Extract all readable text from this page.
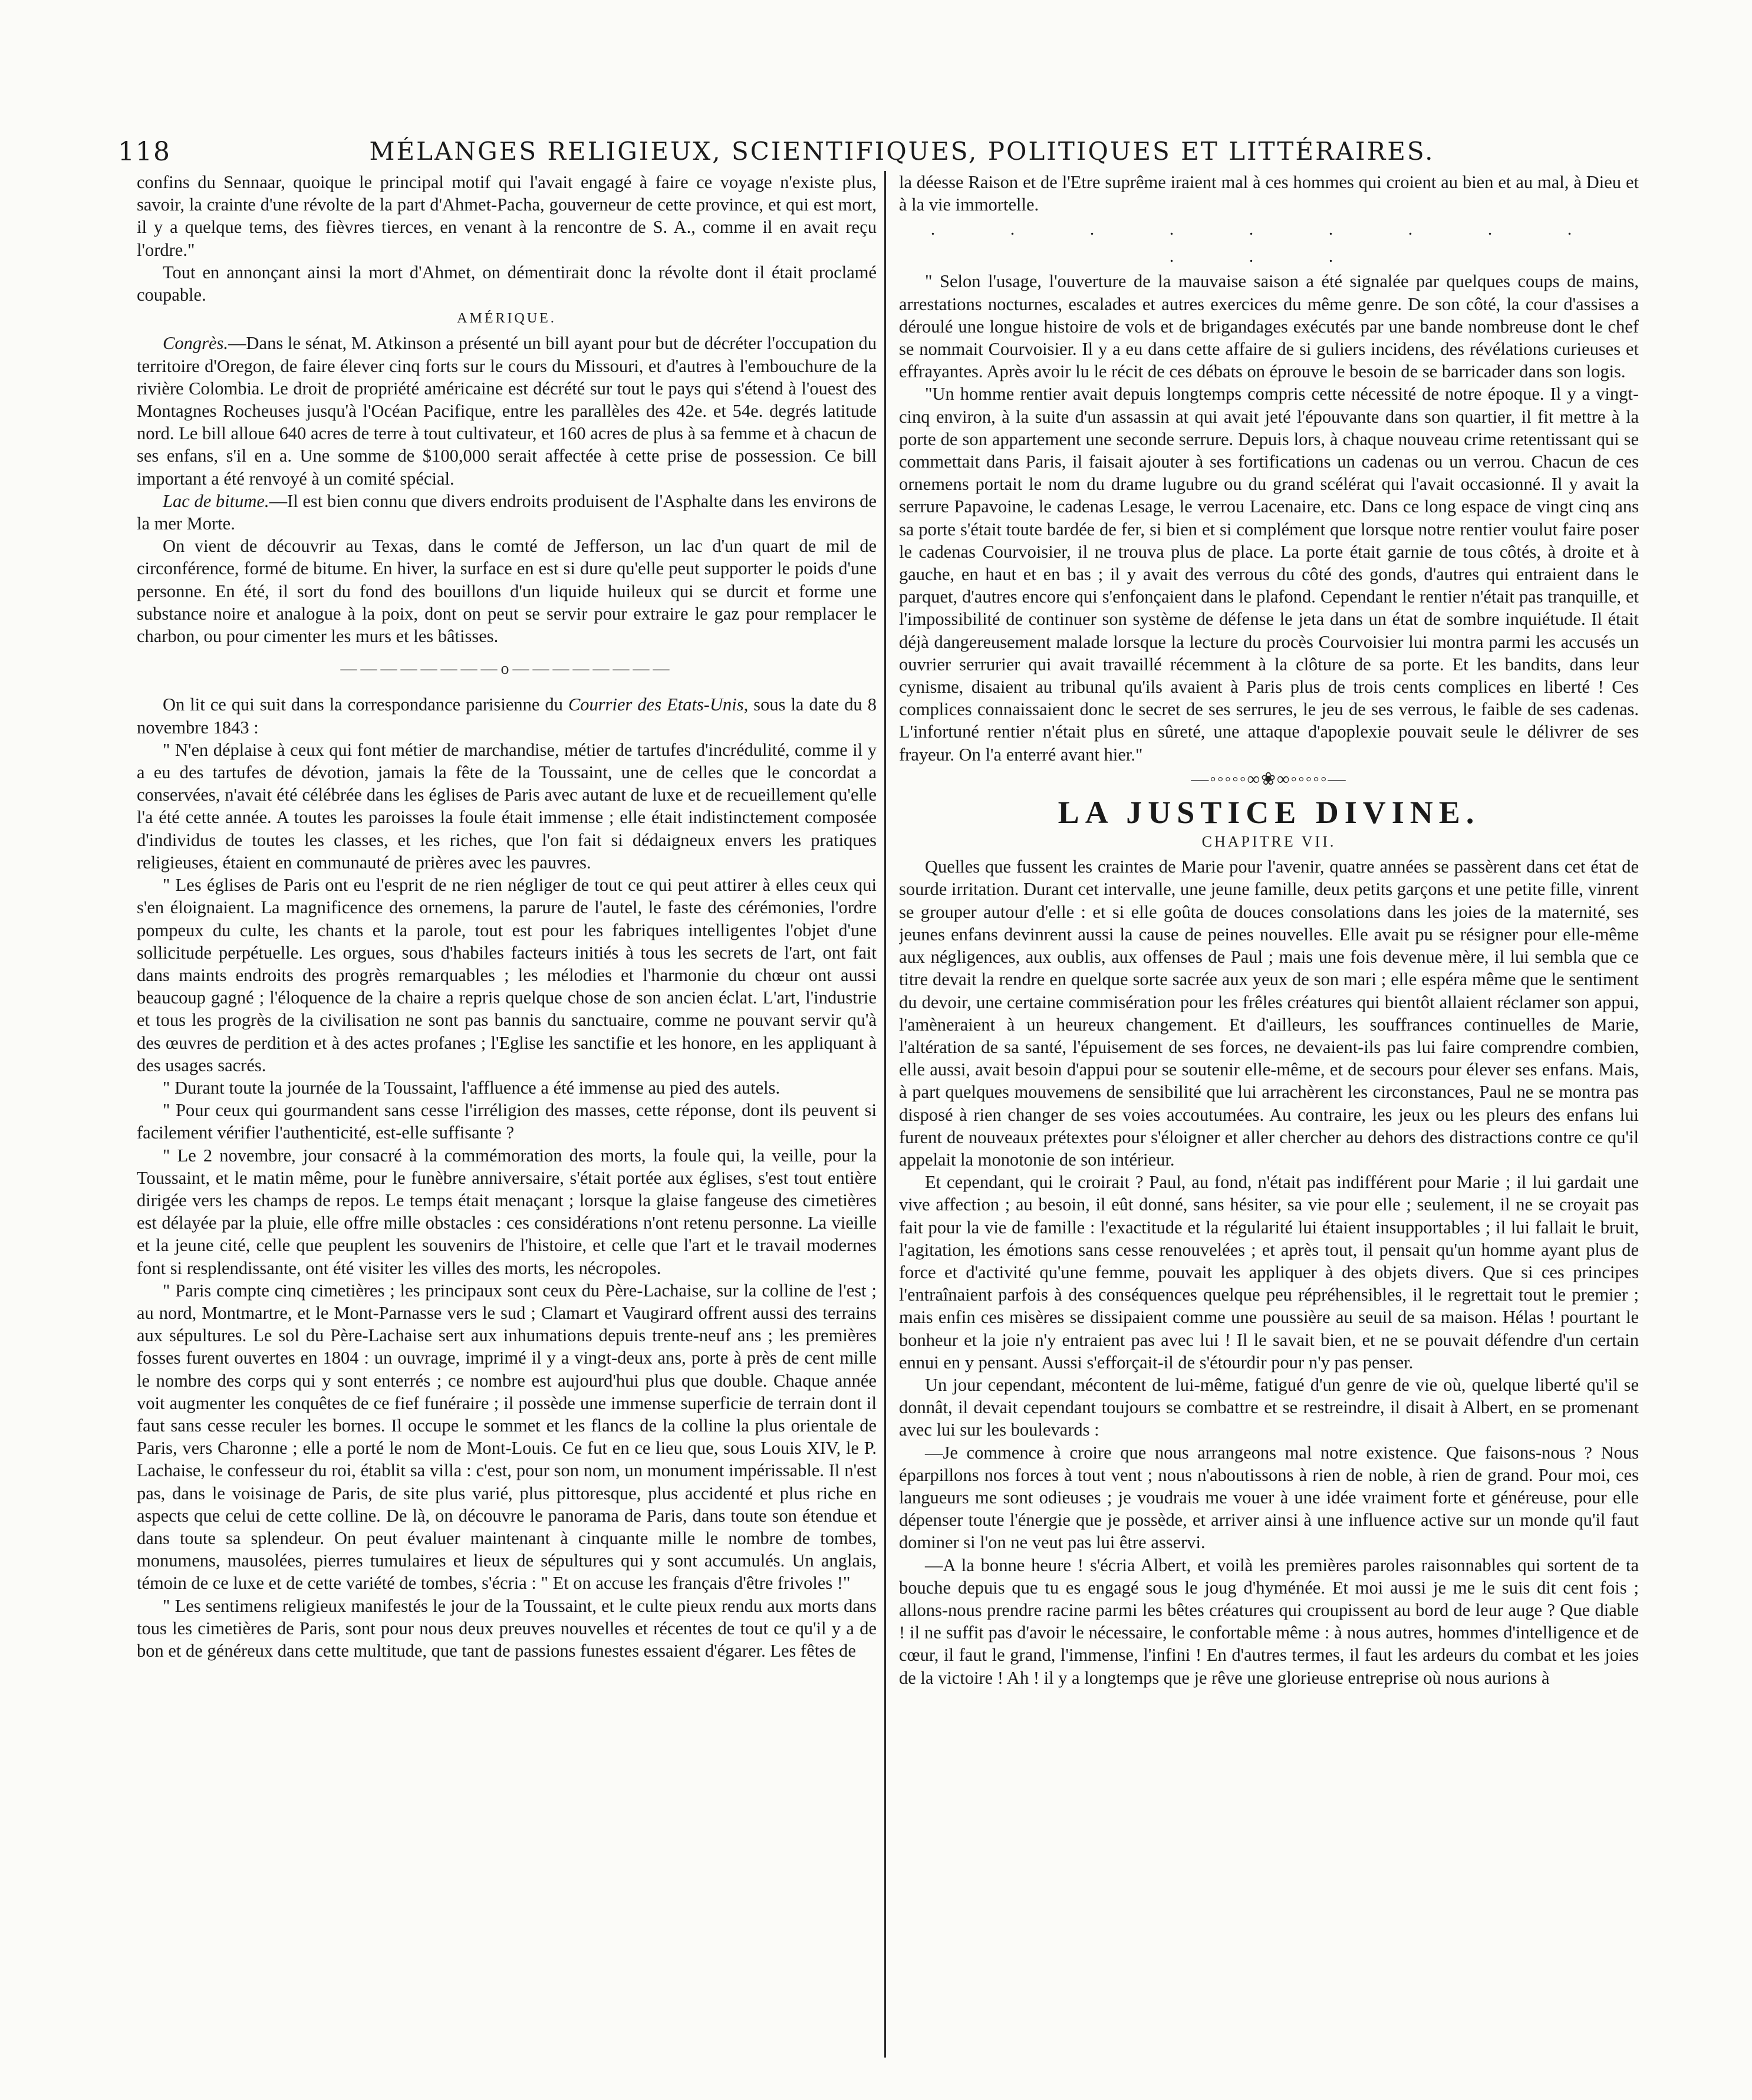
118	MÉLANGES RELIGIEUX, SCIENTIFIQUES, POLITIQUES ET LITTÉRAIRES.

confins du Sennaar, quoique le principal motif qui l'avait engagé à faire ce voyage n'existe plus, savoir, la crainte d'une révolte de la part d'Ahmet-Pacha, gouverneur de cette province, et qui est mort, il y a quelque tems, des fièvres tierces, en venant à la rencontre de S. A., comme il en avait reçu l'ordre."

Tout en annonçant ainsi la mort d'Ahmet, on démentirait donc la révolte dont il était proclamé coupable.

AMÉRIQUE.

Congrès.—Dans le sénat, M. Atkinson a présenté un bill ayant pour but de décréter l'occupation du territoire d'Oregon, de faire élever cinq forts sur le cours du Missouri, et d'autres à l'embouchure de la rivière Colombia. Le droit de propriété américaine est décrété sur tout le pays qui s'étend à l'ouest des Montagnes Rocheuses jusqu'à l'Océan Pacifique, entre les parallèles des 42e. et 54e. degrés latitude nord. Le bill alloue 640 acres de terre à tout cultivateur, et 160 acres de plus à sa femme et à chacun de ses enfans, s'il en a. Une somme de $100,000 serait affectée à cette prise de possession. Ce bill important a été renvoyé à un comité spécial.

Lac de bitume.—Il est bien connu que divers endroits produisent de l'Asphalte dans les environs de la mer Morte.

On vient de découvrir au Texas, dans le comté de Jefferson, un lac d'un quart de mil de circonférence, formé de bitume. En hiver, la surface en est si dure qu'elle peut supporter le poids d'une personne. En été, il sort du fond des bouillons d'un liquide huileux qui se durcit et forme une substance noire et analogue à la poix, dont on peut se servir pour extraire le gaz pour remplacer le charbon, ou pour cimenter les murs et les bâtisses.

————————o————————

On lit ce qui suit dans la correspondance parisienne du Courrier des Etats-Unis, sous la date du 8 novembre 1843 :

" N'en déplaise à ceux qui font métier de marchandise, métier de tartufes d'incrédulité, comme il y a eu des tartufes de dévotion, jamais la fête de la Toussaint, une de celles que le concordat a conservées, n'avait été célébrée dans les églises de Paris avec autant de luxe et de recueillement qu'elle l'a été cette année. A toutes les paroisses la foule était immense ; elle était indistinctement composée d'individus de toutes les classes, et les riches, que l'on fait si dédaigneux envers les pratiques religieuses, étaient en communauté de prières avec les pauvres.

" Les églises de Paris ont eu l'esprit de ne rien négliger de tout ce qui peut attirer à elles ceux qui s'en éloignaient. La magnificence des ornemens, la parure de l'autel, le faste des cérémonies, l'ordre pompeux du culte, les chants et la parole, tout est pour les fabriques intelligentes l'objet d'une sollicitude perpétuelle. Les orgues, sous d'habiles facteurs initiés à tous les secrets de l'art, ont fait dans maints endroits des progrès remarquables ; les mélodies et l'harmonie du chœur ont aussi beaucoup gagné ; l'éloquence de la chaire a repris quelque chose de son ancien éclat. L'art, l'industrie et tous les progrès de la civilisation ne sont pas bannis du sanctuaire, comme ne pouvant servir qu'à des œuvres de perdition et à des actes profanes ; l'Eglise les sanctifie et les honore, en les appliquant à des usages sacrés.

" Durant toute la journée de la Toussaint, l'affluence a été immense au pied des autels.

" Pour ceux qui gourmandent sans cesse l'irréligion des masses, cette réponse, dont ils peuvent si facilement vérifier l'authenticité, est-elle suffisante ?

" Le 2 novembre, jour consacré à la commémoration des morts, la foule qui, la veille, pour la Toussaint, et le matin même, pour le funèbre anniversaire, s'était portée aux églises, s'est tout entière dirigée vers les champs de repos. Le temps était menaçant ; lorsque la glaise fangeuse des cimetières est délayée par la pluie, elle offre mille obstacles : ces considérations n'ont retenu personne. La vieille et la jeune cité, celle que peuplent les souvenirs de l'histoire, et celle que l'art et le travail modernes font si resplendissante, ont été visiter les villes des morts, les nécropoles.

" Paris compte cinq cimetières ; les principaux sont ceux du Père-Lachaise, sur la colline de l'est ; au nord, Montmartre, et le Mont-Parnasse vers le sud ; Clamart et Vaugirard offrent aussi des terrains aux sépultures. Le sol du Père-Lachaise sert aux inhumations depuis trente-neuf ans ; les premières fosses furent ouvertes en 1804 : un ouvrage, imprimé il y a vingt-deux ans, porte à près de cent mille le nombre des corps qui y sont enterrés ; ce nombre est aujourd'hui plus que double. Chaque année voit augmenter les conquêtes de ce fief funéraire ; il possède une immense superficie de terrain dont il faut sans cesse reculer les bornes. Il occupe le sommet et les flancs de la colline la plus orientale de Paris, vers Charonne ; elle a porté le nom de Mont-Louis. Ce fut en ce lieu que, sous Louis XIV, le P. Lachaise, le confesseur du roi, établit sa villa : c'est, pour son nom, un monument impérissable. Il n'est pas, dans le voisinage de Paris, de site plus varié, plus pittoresque, plus accidenté et plus riche en aspects que celui de cette colline. De là, on découvre le panorama de Paris, dans toute son étendue et dans toute sa splendeur. On peut évaluer maintenant à cinquante mille le nombre de tombes, monumens, mausolées, pierres tumulaires et lieux de sépultures qui y sont accumulés. Un anglais, témoin de ce luxe et de cette variété de tombes, s'écria : " Et on accuse les français d'être frivoles !"

" Les sentimens religieux manifestés le jour de la Toussaint, et le culte pieux rendu aux morts dans tous les cimetières de Paris, sont pour nous deux preuves nouvelles et récentes de tout ce qu'il y a de bon et de généreux dans cette multitude, que tant de passions funestes essaient d'égarer. Les fêtes de

la déesse Raison et de l'Etre suprême iraient mal à ces hommes qui croient au bien et au mal, à Dieu et à la vie immortelle.

. . . . . . . . . . . .

" Selon l'usage, l'ouverture de la mauvaise saison a été signalée par quelques coups de mains, arrestations nocturnes, escalades et autres exercices du même genre. De son côté, la cour d'assises a déroulé une longue histoire de vols et de brigandages exécutés par une bande nombreuse dont le chef se nommait Courvoisier. Il y a eu dans cette affaire de si guliers incidens, des révélations curieuses et effrayantes. Après avoir lu le récit de ces débats on éprouve le besoin de se barricader dans son logis.

"Un homme rentier avait depuis longtemps compris cette nécessité de notre époque. Il y a vingt-cinq environ, à la suite d'un assassin at qui avait jeté l'épouvante dans son quartier, il fit mettre à la porte de son appartement une seconde serrure. Depuis lors, à chaque nouveau crime retentissant qui se commettait dans Paris, il faisait ajouter à ses fortifications un cadenas ou un verrou. Chacun de ces ornemens portait le nom du drame lugubre ou du grand scélérat qui l'avait occasionné. Il y avait la serrure Papavoine, le cadenas Lesage, le verrou Lacenaire, etc. Dans ce long espace de vingt cinq ans sa porte s'était toute bardée de fer, si bien et si complément que lorsque notre rentier voulut faire poser le cadenas Courvoisier, il ne trouva plus de place. La porte était garnie de tous côtés, à droite et à gauche, en haut et en bas ; il y avait des verrous du côté des gonds, d'autres qui entraient dans le parquet, d'autres encore qui s'enfonçaient dans le plafond. Cependant le rentier n'était pas tranquille, et l'impossibilité de continuer son système de défense le jeta dans un état de sombre inquiétude. Il était déjà dangereusement malade lorsque la lecture du procès Courvoisier lui montra parmi les accusés un ouvrier serrurier qui avait travaillé récemment à la clôture de sa porte. Et les bandits, dans leur cynisme, disaient au tribunal qu'ils avaient à Paris plus de trois cents complices en liberté ! Ces complices connaissaient donc le secret de ses serrures, le jeu de ses verrous, le faible de ses cadenas. L'infortuné rentier n'était plus en sûreté, une attaque d'apoplexie pouvait seule le délivrer de ses frayeur. On l'a enterré avant hier."

—◦◦◦◦◦∞❀∞◦◦◦◦◦—
LA JUSTICE DIVINE.
CHAPITRE VII.

Quelles que fussent les craintes de Marie pour l'avenir, quatre années se passèrent dans cet état de sourde irritation. Durant cet intervalle, une jeune famille, deux petits garçons et une petite fille, vinrent se grouper autour d'elle : et si elle goûta de douces consolations dans les joies de la maternité, ses jeunes enfans devinrent aussi la cause de peines nouvelles. Elle avait pu se résigner pour elle-même aux négligences, aux oublis, aux offenses de Paul ; mais une fois devenue mère, il lui sembla que ce titre devait la rendre en quelque sorte sacrée aux yeux de son mari ; elle espéra même que le sentiment du devoir, une certaine commisération pour les frêles créatures qui bientôt allaient réclamer son appui, l'amèneraient à un heureux changement. Et d'ailleurs, les souffrances continuelles de Marie, l'altération de sa santé, l'épuisement de ses forces, ne devaient-ils pas lui faire comprendre combien, elle aussi, avait besoin d'appui pour se soutenir elle-même, et de secours pour élever ses enfans. Mais, à part quelques mouvemens de sensibilité que lui arrachèrent les circonstances, Paul ne se montra pas disposé à rien changer de ses voies accoutumées. Au contraire, les jeux ou les pleurs des enfans lui furent de nouveaux prétextes pour s'éloigner et aller chercher au dehors des distractions contre ce qu'il appelait la monotonie de son intérieur.

Et cependant, qui le croirait ? Paul, au fond, n'était pas indifférent pour Marie ; il lui gardait une vive affection ; au besoin, il eût donné, sans hésiter, sa vie pour elle ; seulement, il ne se croyait pas fait pour la vie de famille : l'exactitude et la régularité lui étaient insupportables ; il lui fallait le bruit, l'agitation, les émotions sans cesse renouvelées ; et après tout, il pensait qu'un homme ayant plus de force et d'activité qu'une femme, pouvait les appliquer à des objets divers. Que si ces principes l'entraînaient parfois à des conséquences quelque peu répréhensibles, il le regrettait tout le premier ; mais enfin ces misères se dissipaient comme une poussière au seuil de sa maison. Hélas ! pourtant le bonheur et la joie n'y entraient pas avec lui ! Il le savait bien, et ne se pouvait défendre d'un certain ennui en y pensant. Aussi s'efforçait-il de s'étourdir pour n'y pas penser.

Un jour cependant, mécontent de lui-même, fatigué d'un genre de vie où, quelque liberté qu'il se donnât, il devait cependant toujours se combattre et se restreindre, il disait à Albert, en se promenant avec lui sur les boulevards :

—Je commence à croire que nous arrangeons mal notre existence. Que faisons-nous ? Nous éparpillons nos forces à tout vent ; nous n'aboutissons à rien de noble, à rien de grand. Pour moi, ces langueurs me sont odieuses ; je voudrais me vouer à une idée vraiment forte et généreuse, pour elle dépenser toute l'énergie que je possède, et arriver ainsi à une influence active sur un monde qu'il faut dominer si l'on ne veut pas lui être asservi.

—A la bonne heure ! s'écria Albert, et voilà les premières paroles raisonnables qui sortent de ta bouche depuis que tu es engagé sous le joug d'hyménée. Et moi aussi je me le suis dit cent fois ; allons-nous prendre racine parmi les bêtes créatures qui croupissent au bord de leur auge ? Que diable ! il ne suffit pas d'avoir le nécessaire, le confortable même : à nous autres, hommes d'intelligence et de cœur, il faut le grand, l'immense, l'infini ! En d'autres termes, il faut les ardeurs du combat et les joies de la victoire ! Ah ! il y a longtemps que je rêve une glorieuse entreprise où nous aurions à
